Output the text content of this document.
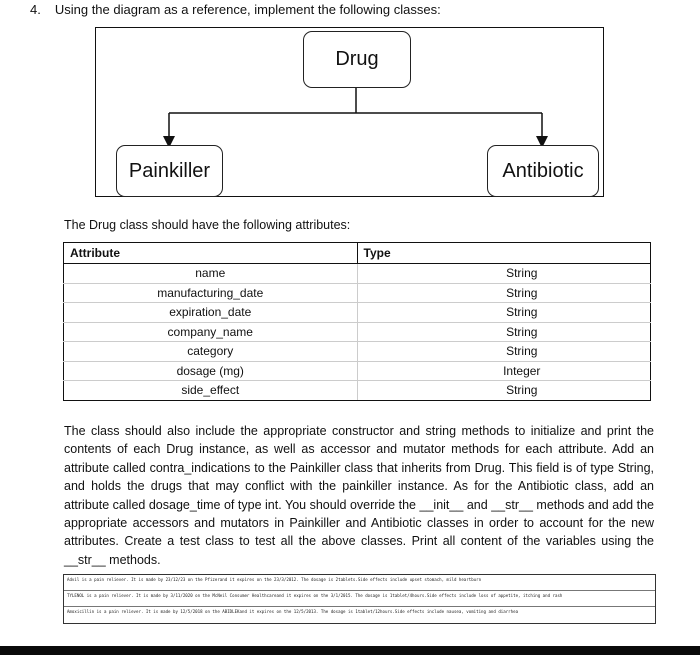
4. Using the diagram as a reference, implement the following classes:
Drug
Painkiller	Antibiotic
The Drug class should have the following attributes:
Attribute	Type
name	String
manufacturing_date	String
expiration_date	String
company_name	String
category	String
dosage (mg)	Integer
side_effect	String

The class should also include the appropriate constructor and string methods to initialize and print the contents of each Drug instance, as well as accessor and mutator methods for each attribute. Add an attribute called contra_indications to the Painkiller class that inherits from Drug. This field is of type String, and holds the drugs that may conflict with the painkiller instance. As for the Antibiotic class, add an attribute called dosage_time of type int. You should override the __init__ and __str__ methods and add the appropriate accessors and mutators in Painkiller and Antibiotic classes in order to account for the new attributes. Create a test class to test all the above classes. Print all content of the variables using the __str__ methods.

Advil is a pain reliever. It is made by 23/12/23 on the Pfizerand it expires on the 23/3/2012. The dosage is 2tablets.Side effects include upset stomach, mild heartburn
TYLENOL is a pain reliever. It is made by 3/11/2020 on the McNeil Consumer Healthcareand it expires on the 3/1/2015. The dosage is 1tablet/4hours.Side effects include loss of appetite, itching and rash
Amoxicillin is a pain reliever. It is made by 12/5/2018 on the ABIDLEKand it expires on the 12/5/2013. The dosage is 1tablet/12hours.Side effects include nausea, vomiting and diarrhea
